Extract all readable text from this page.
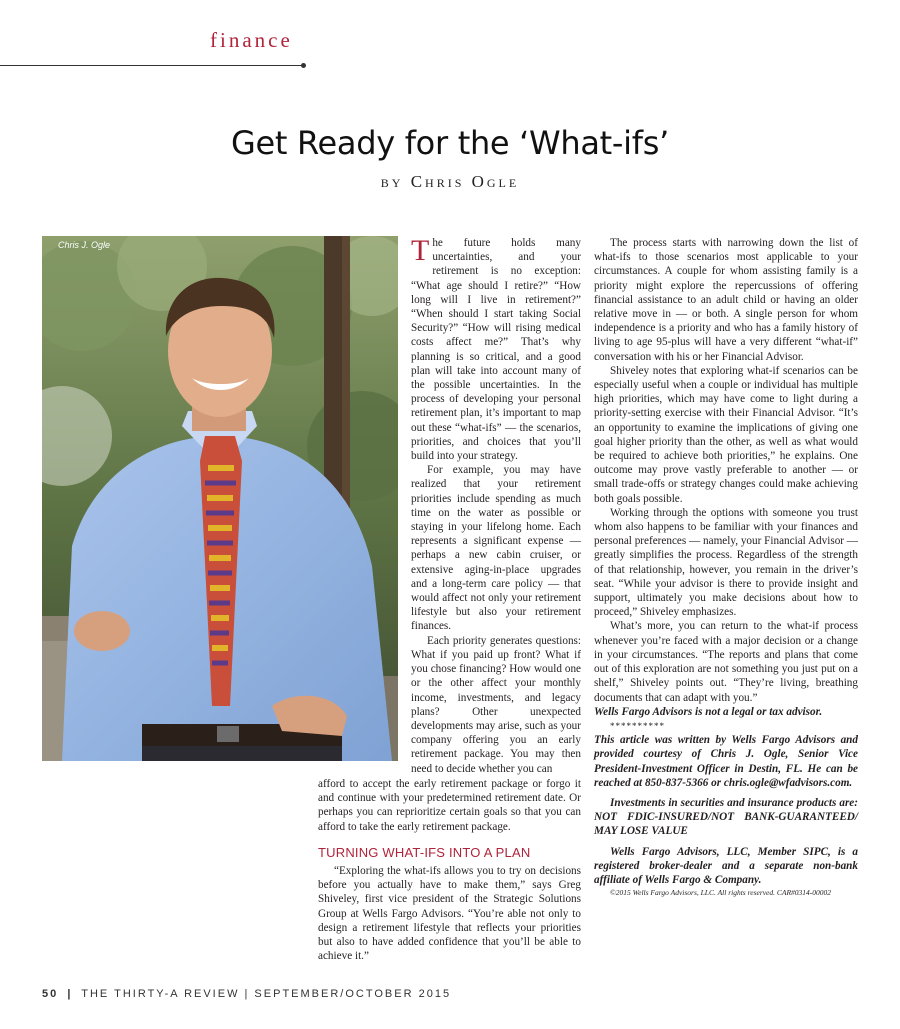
finance
Get Ready for the ‘What-ifs’
BY Chris Ogle
Chris J. Ogle	The future holds many uncertainties, and your retirement is no exception: “What age should I retire?” “How long will I live in retirement?” “When should I start taking Social Security?” “How will rising medical costs affect me?” That’s why planning is so critical, and a good plan will take into account many of the possible uncertainties. In the process of developing your personal retirement plan, it’s important to map out these “what-ifs” — the scenarios, priorities, and choices that you’ll build into your strategy.

For example, you may have realized that your retirement priorities include spending as much time on the water as possible or staying in your lifelong home. Each represents a significant expense — perhaps a new cabin cruiser, or extensive aging-in-place upgrades and a long-term care policy — that would affect not only your retirement lifestyle but also your retirement finances.

Each priority generates questions: What if you paid up front? What if you chose financing? How would one or the other affect your monthly income, investments, and legacy plans? Other unexpected developments may arise, such as your company offering you an early retirement package. You may then need to decide whether you can

afford to accept the early retirement package or forgo it and continue with your predetermined retirement date. Or perhaps you can reprioritize certain goals so that you can afford to take the early retirement package.

TURNING WHAT-IFS INTO A PLAN

“Exploring the what-ifs allows you to try on decisions before you actually have to make them,” says Greg Shiveley, first vice president of the Strategic Solutions Group at Wells Fargo Advisors. “You’re able not only to design a retirement lifestyle that reflects your priorities but also to have added confidence that you’ll be able to achieve it.”

The process starts with narrowing down the list of what-ifs to those scenarios most applicable to your circumstances. A couple for whom assisting family is a priority might explore the repercussions of offering financial assistance to an adult child or having an older relative move in — or both. A single person for whom independence is a priority and who has a family history of living to age 95-plus will have a very different “what-if” conversation with his or her Financial Advisor.

Shiveley notes that exploring what-if scenarios can be especially useful when a couple or individual has multiple high priorities, which may have come to light during a priority-setting exercise with their Financial Advisor. “It’s an opportunity to examine the implications of giving one goal higher priority than the other, as well as what would be required to achieve both priorities,” he explains. One outcome may prove vastly preferable to another — or small trade-offs or strategy changes could make achieving both goals possible.

Working through the options with someone you trust whom also happens to be familiar with your finances and personal preferences — namely, your Financial Advisor — greatly simplifies the process. Regardless of the strength of that relationship, however, you remain in the driver’s seat. “While your advisor is there to provide insight and support, ultimately you make decisions about how to proceed,” Shiveley emphasizes.

What’s more, you can return to the what-if process whenever you’re faced with a major decision or a change in your circumstances. “The reports and plans that come out of this exploration are not something you just put on a shelf,” Shiveley points out. “They’re living, breathing documents that can adapt with you.”

Wells Fargo Advisors is not a legal or tax advisor.

**********

This article was written by Wells Fargo Advisors and provided courtesy of Chris J. Ogle, Senior Vice President-Investment Officer in Destin, FL. He can be reached at 850-837-5366 or chris.ogle@wfadvisors.com.

Investments in securities and insurance products are: NOT FDIC-INSURED/NOT BANK-GUARANTEED/ MAY LOSE VALUE

Wells Fargo Advisors, LLC, Member SIPC, is a registered broker-dealer and a separate non-bank affiliate of Wells Fargo & Company.

©2015 Wells Fargo Advisors, LLC. All rights reserved. CAR#0314-00002

50 | THE THIRTY-A REVIEW | SEPTEMBER/OCTOBER 2015
